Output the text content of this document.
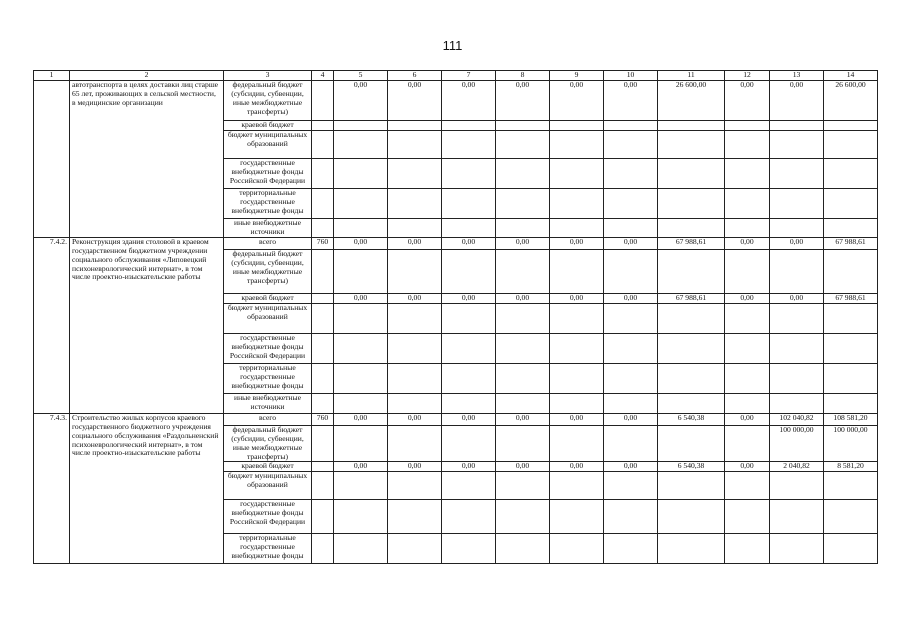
111
1	2	3	4	5	6	7	8	9	10	11	12	13	14
	автотранспорта в целях доставки лиц старше 65 лет, проживающих в сельской местности, в медицинские организации	федеральный бюджет (субсидии, субвенции, иные межбюджетные трансферты)		0,00	0,00	0,00	0,00	0,00	0,00	26 600,00	0,00	0,00	26 600,00
		краевой бюджет											
		бюджет муниципальных образований											
		государственные внебюджетные фонды Российской Федерации											
		территориальные государственные внебюджетные фонды											
		иные внебюджетные источники											
7.4.2.	Реконструкция здания столовой в краевом государственном бюджетном учреждении социального обслуживания «Липовецкий психоневрологический интернат», в том числе проектно-изыскательские работы	всего	760	0,00	0,00	0,00	0,00	0,00	0,00	67 988,61	0,00	0,00	67 988,61
		федеральный бюджет (субсидии, субвенции, иные межбюджетные трансферты)											
		краевой бюджет		0,00	0,00	0,00	0,00	0,00	0,00	67 988,61	0,00	0,00	67 988,61
		бюджет муниципальных образований											
		государственные внебюджетные фонды Российской Федерации											
		территориальные государственные внебюджетные фонды											
		иные внебюджетные источники											
7.4.3.	Строительство жилых корпусов краевого государственного бюджетного учреждения социального обслуживания «Раздольненский психоневрологический интернат», в том числе проектно-изыскательские работы	всего	760	0,00	0,00	0,00	0,00	0,00	0,00	6 540,38	0,00	102 040,82	108 581,20
		федеральный бюджет (субсидии, субвенции, иные межбюджетные трансферты)										100 000,00	100 000,00
		краевой бюджет		0,00	0,00	0,00	0,00	0,00	0,00	6 540,38	0,00	2 040,82	8 581,20
		бюджет муниципальных образований											
		государственные внебюджетные фонды Российской Федерации											
		территориальные государственные внебюджетные фонды											
